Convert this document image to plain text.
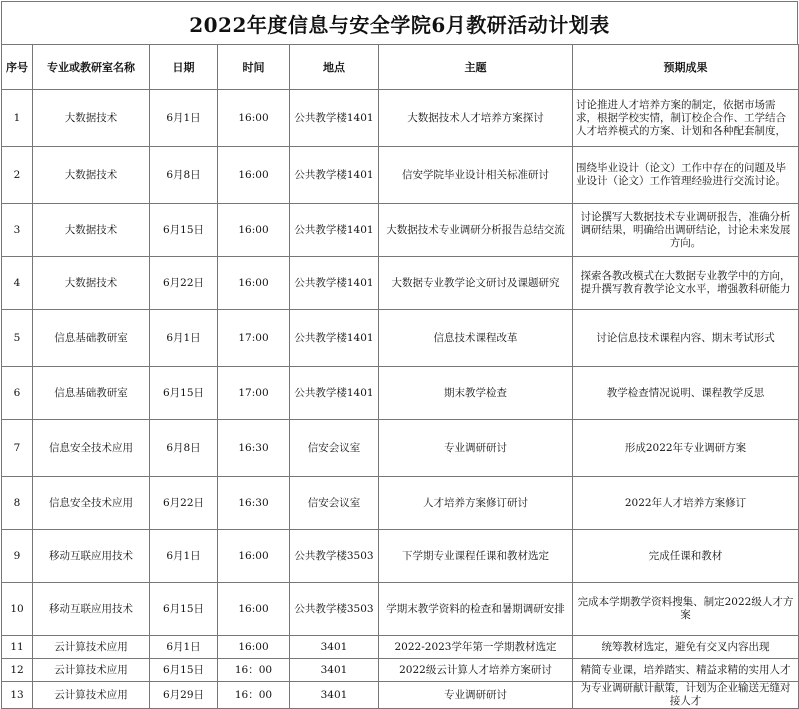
2022年度信息与安全学院6月教研活动计划表
序号	专业或教研室名称	日期	时间	地点	主题	预期成果
1	大数据技术	6月1日	16:00	公共教学楼1401	大数据技术人才培养方案探讨	讨论推进人才培养方案的制定，依据市场需求，根据学校实情，制订校企合作、工学结合人才培养模式的方案、计划和各种配套制度，
2	大数据技术	6月8日	16:00	公共教学楼1401	信安学院毕业设计相关标准研讨	围绕毕业设计（论文）工作中存在的问题及毕业设计（论文）工作管理经验进行交流讨论。
3	大数据技术	6月15日	16:00	公共教学楼1401	大数据技术专业调研分析报告总结交流	讨论撰写大数据技术专业调研报告，准确分析调研结果，明确给出调研结论，讨论未来发展方向。
4	大数据技术	6月22日	16:00	公共教学楼1401	大数据专业教学论文研讨及课题研究	探索各教改模式在大数据专业教学中的方向，提升撰写教育教学论文水平，增强教科研能力
5	信息基础教研室	6月1日	17:00	公共教学楼1401	信息技术课程改革	讨论信息技术课程内容、期末考试形式
6	信息基础教研室	6月15日	17:00	公共教学楼1401	期末教学检查	教学检查情况说明、课程教学反思
7	信息安全技术应用	6月8日	16:30	信安会议室	专业调研研讨	形成2022年专业调研方案
8	信息安全技术应用	6月22日	16:30	信安会议室	人才培养方案修订研讨	2022年人才培养方案修订
9	移动互联应用技术	6月1日	16:00	公共教学楼3503	下学期专业课程任课和教材选定	完成任课和教材
10	移动互联应用技术	6月15日	16:00	公共教学楼3503	学期末教学资料的检查和暑期调研安排	完成本学期教学资料搜集、制定2022级人才方案
11	云计算技术应用	6月1日	16:00	3401	2022-2023学年第一学期教材选定	统筹教材选定，避免有交叉内容出现
12	云计算技术应用	6月15日	16：00	3401	2022级云计算人才培养方案研讨	精简专业课，培养踏实、精益求精的实用人才
13	云计算技术应用	6月29日	16：00	3401	专业调研研讨	为专业调研献计献策，计划为企业输送无缝对接人才
